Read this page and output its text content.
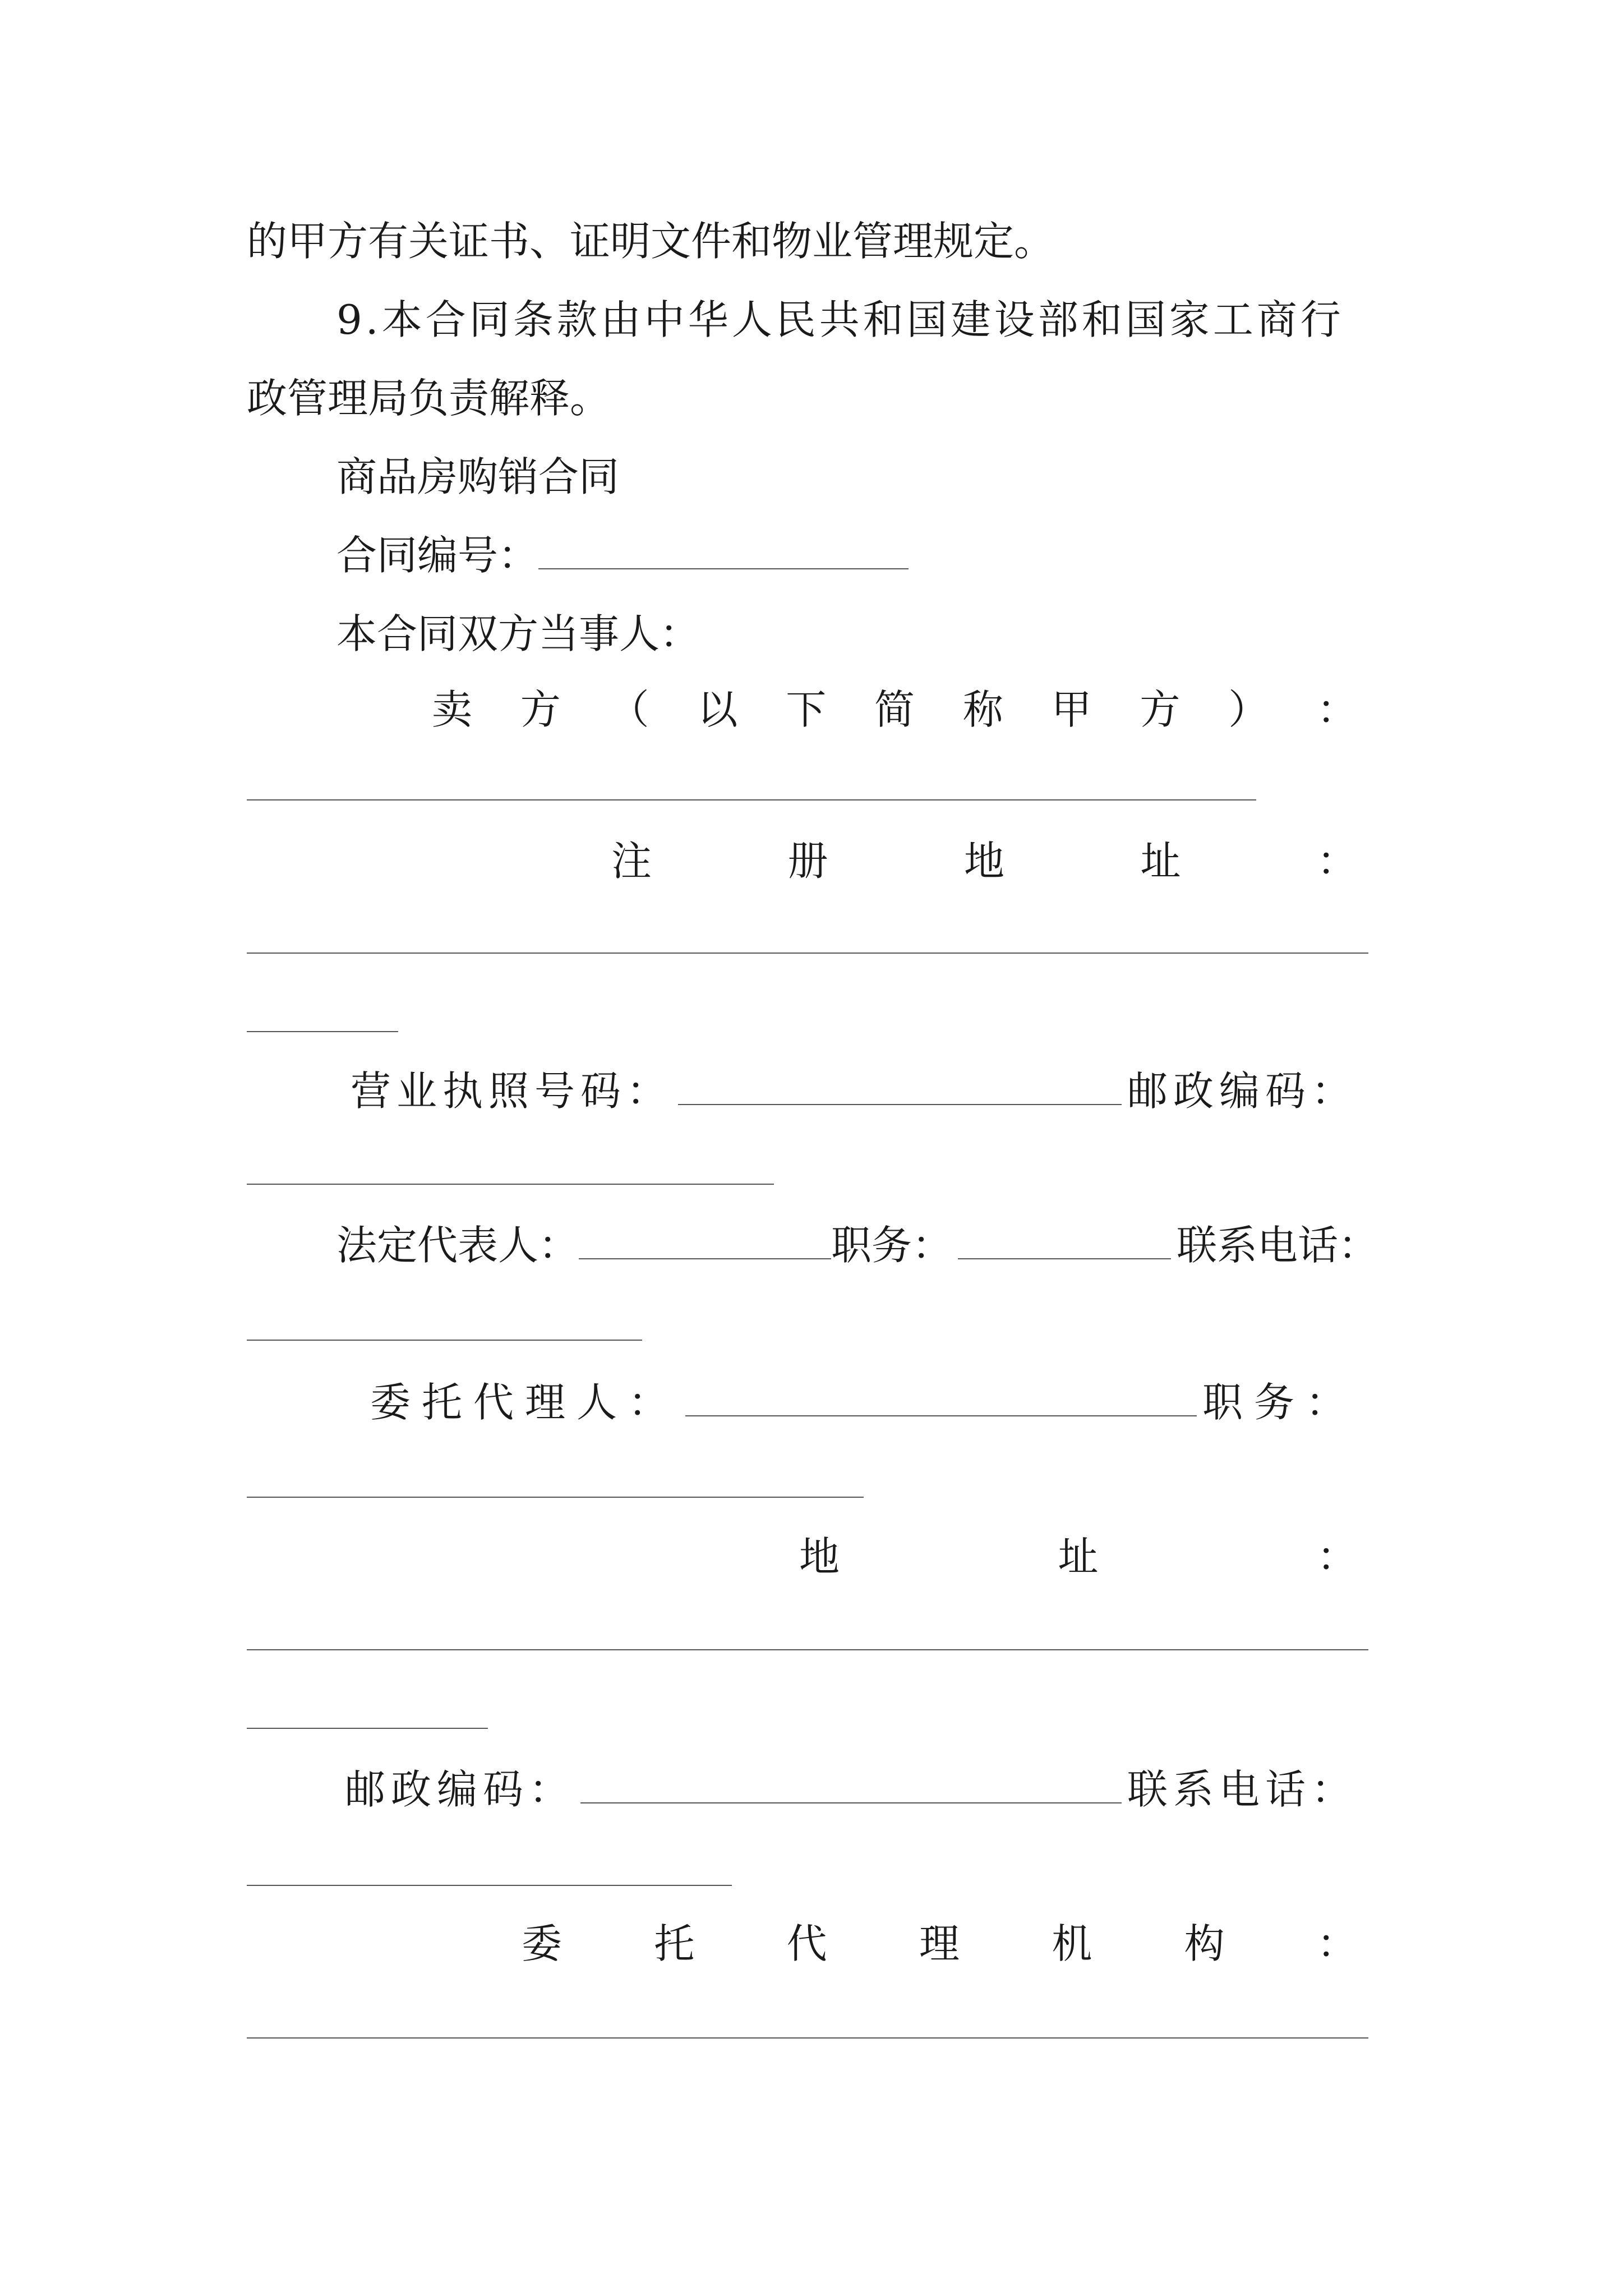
的甲方有关证书、证明文件和物业管理规定。
9.本合同条款由中华人民共和国建设部和国家工商行
政管理局负责解释。
商品房购销合同
合同编号：
本合同双方当事人：
卖 方 （ 以 下 简 称 甲 方 ） ：
注	册	地	址	：
营业执照号码：	邮政编码：
法定代表人：	职务：	联系电话：
委托代理人：	职务：
地	址	：
邮政编码：	联系电话：
委 托 代 理 机 构 ：
